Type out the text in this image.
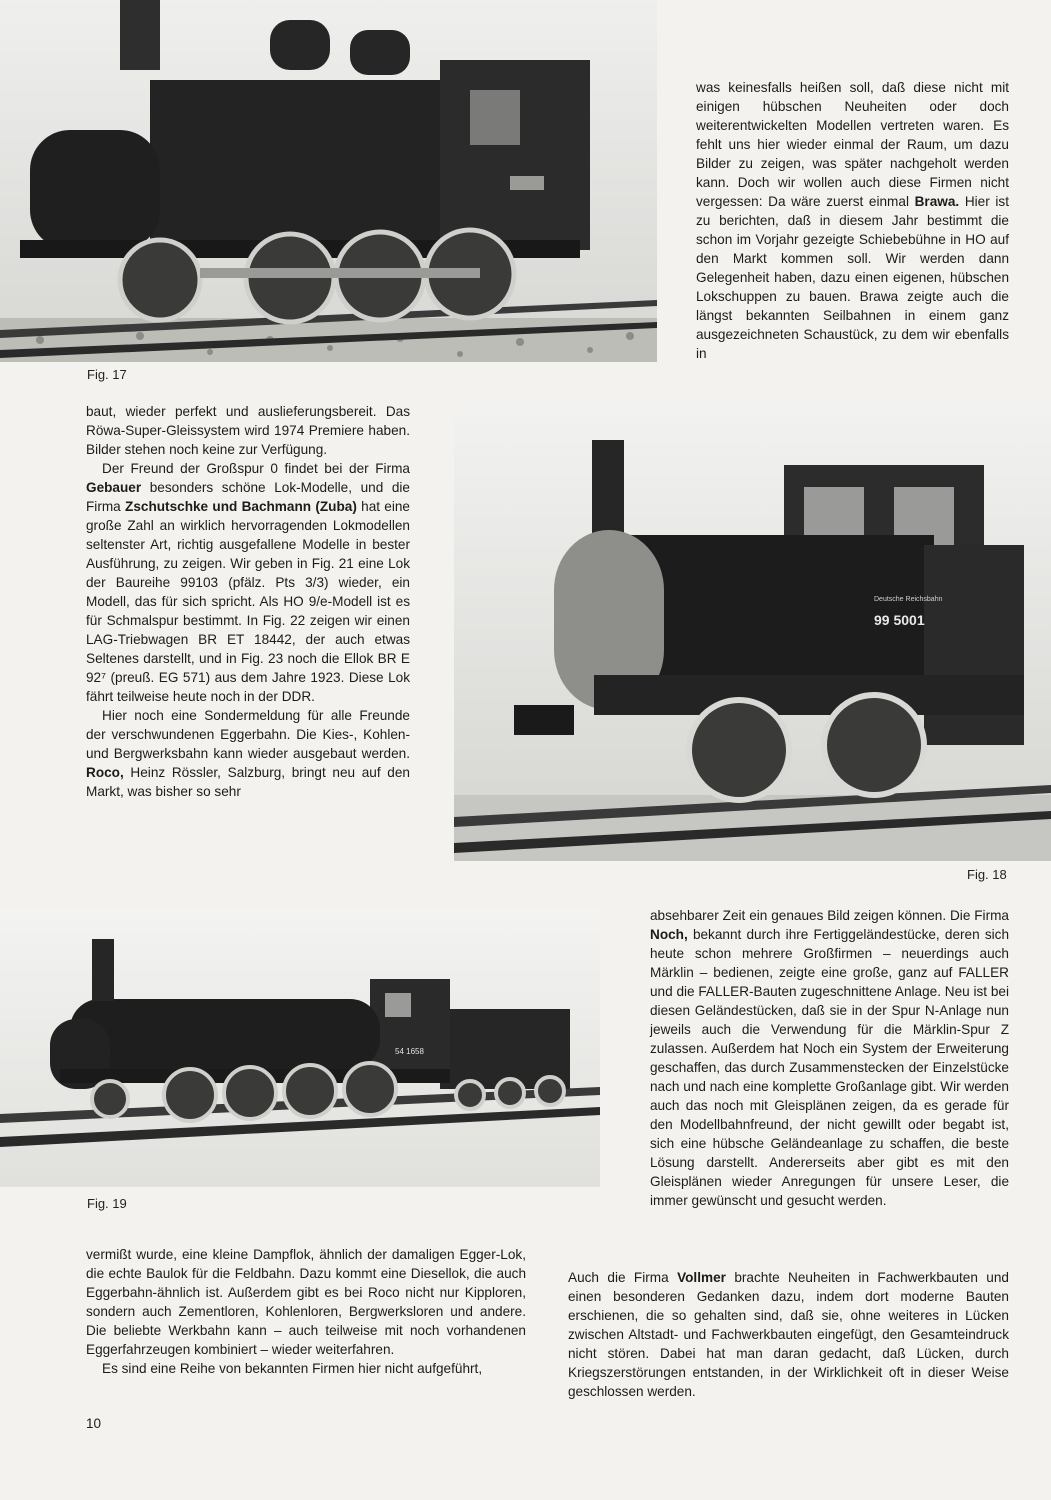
Fig. 17

was keinesfalls heißen soll, daß diese nicht mit einigen hübschen Neuheiten oder doch weiterentwickelten Modellen vertreten waren. Es fehlt uns hier wieder einmal der Raum, um dazu Bilder zu zeigen, was später nachgeholt werden kann. Doch wir wollen auch diese Firmen nicht vergessen: Da wäre zuerst einmal Brawa. Hier ist zu berichten, daß in diesem Jahr bestimmt die schon im Vorjahr gezeigte Schiebebühne in HO auf den Markt kommen soll. Wir werden dann Gelegenheit haben, dazu einen eigenen, hübschen Lokschuppen zu bauen. Brawa zeigte auch die längst bekannten Seilbahnen in einem ganz ausgezeichneten Schaustück, zu dem wir ebenfalls in

baut, wieder perfekt und auslieferungsbereit. Das Röwa-Super-Gleissystem wird 1974 Premiere haben. Bilder stehen noch keine zur Verfügung.

Der Freund der Großspur 0 findet bei der Firma Gebauer besonders schöne Lok-Modelle, und die Firma Zschutschke und Bachmann (Zuba) hat eine große Zahl an wirklich hervorragenden Lokmodellen seltenster Art, richtig ausgefallene Modelle in bester Ausführung, zu zeigen. Wir geben in Fig. 21 eine Lok der Baureihe 99103 (pfälz. Pts 3/3) wieder, ein Modell, das für sich spricht. Als HO 9/e-Modell ist es für Schmalspur bestimmt. In Fig. 22 zeigen wir einen LAG-Triebwagen BR ET 18442, der auch etwas Seltenes darstellt, und in Fig. 23 noch die Ellok BR E 92⁷ (preuß. EG 571) aus dem Jahre 1923. Diese Lok fährt teilweise heute noch in der DDR.

Hier noch eine Sondermeldung für alle Freunde der verschwundenen Eggerbahn. Die Kies-, Kohlen- und Bergwerksbahn kann wieder ausgebaut werden. Roco, Heinz Rössler, Salzburg, bringt neu auf den Markt, was bisher so sehr

99 5001
Deutsche Reichsbahn
Fig. 18
54 1658
Fig. 19

absehbarer Zeit ein genaues Bild zeigen können. Die Firma Noch, bekannt durch ihre Fertiggeländestücke, deren sich heute schon mehrere Großfirmen – neuerdings auch Märklin – bedienen, zeigte eine große, ganz auf FALLER und die FALLER-Bauten zugeschnittene Anlage. Neu ist bei diesen Geländestücken, daß sie in der Spur N-Anlage nun jeweils auch die Verwendung für die Märklin-Spur Z zulassen. Außerdem hat Noch ein System der Erweiterung geschaffen, das durch Zusammenstecken der Einzelstücke nach und nach eine komplette Großanlage gibt. Wir werden auch das noch mit Gleisplänen zeigen, da es gerade für den Modellbahnfreund, der nicht gewillt oder begabt ist, sich eine hübsche Geländeanlage zu schaffen, die beste Lösung darstellt. Andererseits aber gibt es mit den Gleisplänen wieder Anregungen für unsere Leser, die immer gewünscht und gesucht werden.

Auch die Firma Vollmer brachte Neuheiten in Fachwerkbauten und einen besonderen Gedanken dazu, indem dort moderne Bauten erschienen, die so gehalten sind, daß sie, ohne weiteres in Lücken zwischen Altstadt- und Fachwerkbauten eingefügt, den Gesamteindruck nicht stören. Dabei hat man daran gedacht, daß Lücken, durch Kriegszerstörungen entstanden, in der Wirklichkeit oft in dieser Weise geschlossen werden.

vermißt wurde, eine kleine Dampflok, ähnlich der damaligen Egger-Lok, die echte Baulok für die Feldbahn. Dazu kommt eine Diesellok, die auch Eggerbahn-ähnlich ist. Außerdem gibt es bei Roco nicht nur Kipploren, sondern auch Zementloren, Kohlenloren, Bergwerksloren und andere. Die beliebte Werkbahn kann – auch teilweise mit noch vorhandenen Eggerfahrzeugen kombiniert – wieder weiterfahren.

Es sind eine Reihe von bekannten Firmen hier nicht aufgeführt,

10
